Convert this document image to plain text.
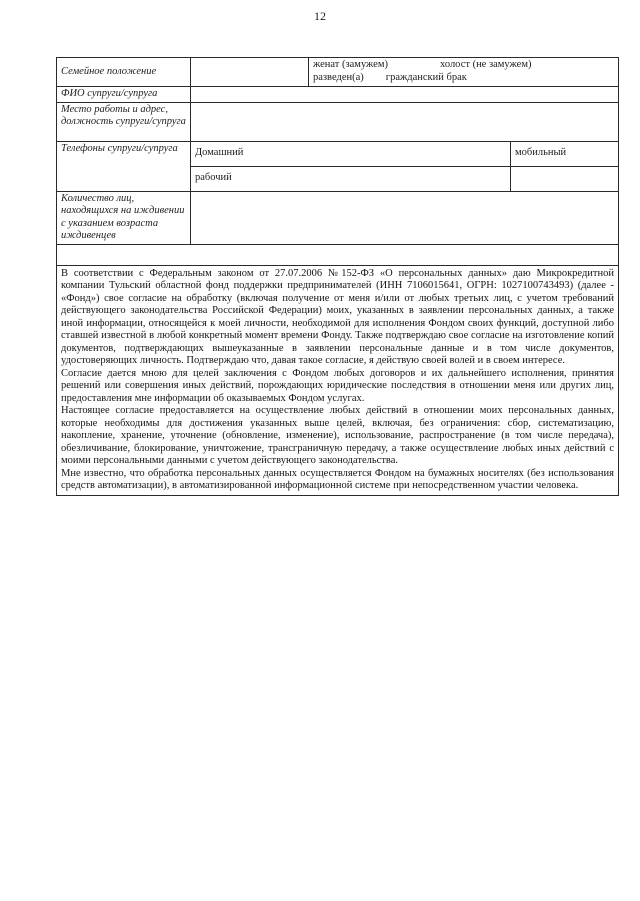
12
Семейное положение		женат (замужем) холост (не замужем)
разведен(а) гражданский брак	

ФИО супруги/супруга			
Место работы и адрес, должность супруги/супруга			
Телефоны супруги/супруга	Домашний		мобильный
	рабочий		
Количество лиц, находящихся на иждивении с указанием возраста иждивенцев			

В соответствии с Федеральным законом от 27.07.2006 №152-ФЗ «О персональных данных» даю Микрокредитной компании Тульский областной фонд поддержки предпринимателей (ИНН 7106015641, ОГРН: 1027100743493) (далее - «Фонд») свое согласие на обработку (включая получение от меня и/или от любых третьих лиц, с учетом требований действующего законодательства Российской Федерации) моих, указанных в заявлении персональных данных, а также иной информации, относящейся к моей личности, необходимой для исполнения Фондом своих функций, доступной либо ставшей известной в любой конкретный момент времени Фонду. Также подтверждаю свое согласие на изготовление копий документов, подтверждающих вышеуказанные в заявлении персональные данные и в том числе документов, удостоверяющих личность. Подтверждаю что, давая такое согласие, я действую своей волей и в своем интересе.

Согласие дается мною для целей заключения с Фондом любых договоров и их дальнейшего исполнения, принятия решений или совершения иных действий, порождающих юридические последствия в отношении меня или других лиц, предоставления мне информации об оказываемых Фондом услугах.

Настоящее согласие предоставляется на осуществление любых действий в отношении моих персональных данных, которые необходимы для достижения указанных выше целей, включая, без ограничения: сбор, систематизацию, накопление, хранение, уточнение (обновление, изменение), использование, распространение (в том числе передача), обезличивание, блокирование, уничтожение, трансграничную передачу, а также осуществление любых иных действий с моими персональными данными с учетом действующего законодательства.

Мне известно, что обработка персональных данных осуществляется Фондом на бумажных носителях (без использования средств автоматизации), в автоматизированной информационной системе при непосредственном участии человека.			
